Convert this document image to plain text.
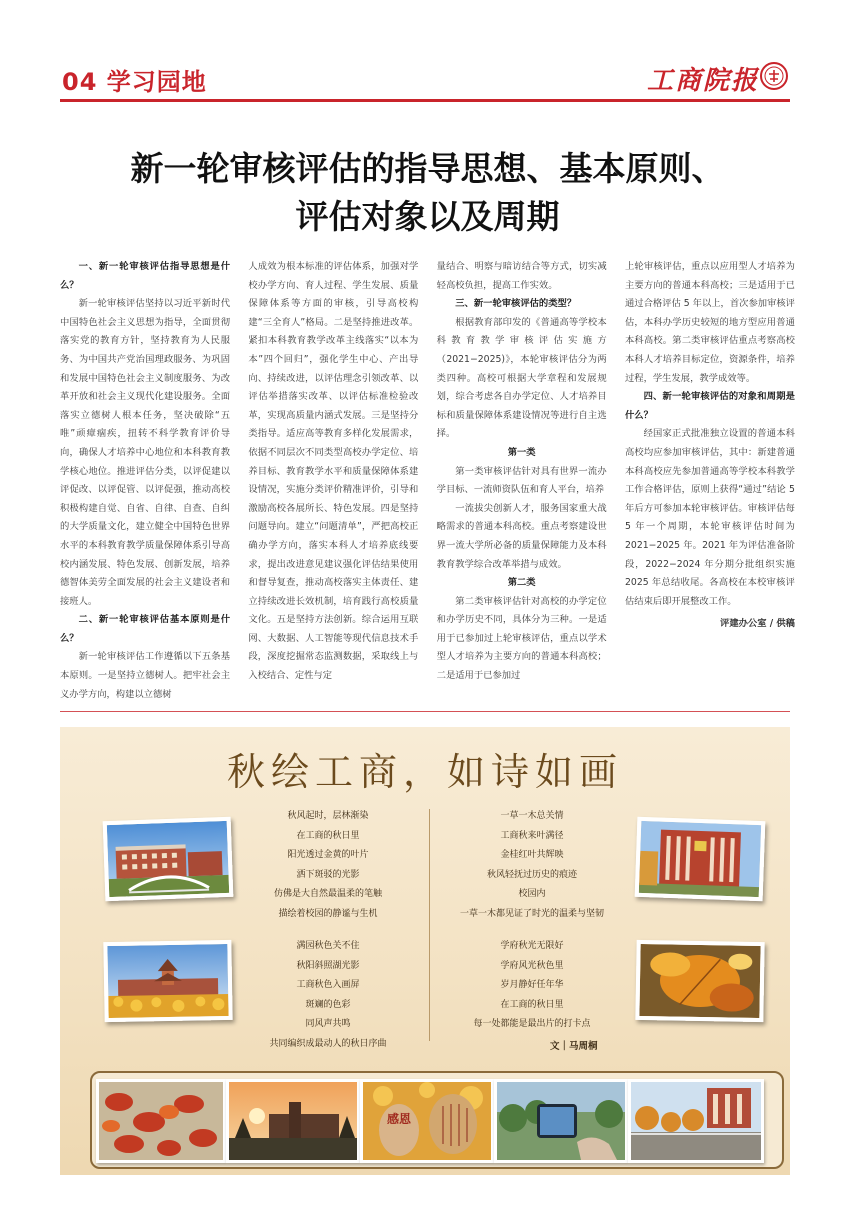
04 学习园地	工商院报
新一轮审核评估的指导思想、基本原则、
评估对象以及周期
一、新一轮审核评估指导思想是什么？

新一轮审核评估坚持以习近平新时代中国特色社会主义思想为指导，全面贯彻落实党的教育方针，坚持教育为人民服务、为中国共产党治国理政服务、为巩固和发展中国特色社会主义制度服务、为改革开放和社会主义现代化建设服务。全面落实立德树人根本任务，坚决破除“五唯”顽瘴痼疾，扭转不科学教育评价导向，确保人才培养中心地位和本科教育教学核心地位。推进评估分类，以评促建以评促改、以评促管、以评促强，推动高校积极构建自觉、自省、自律、自查、自纠的大学质量文化，建立健全中国特色世界水平的本科教育教学质量保障体系引导高校内涵发展、特色发展、创新发展，培养德智体美劳全面发展的社会主义建设者和接班人。

二、新一轮审核评估基本原则是什么？

新一轮审核评估工作遵循以下五条基本原则。一是坚持立德树人。把牢社会主义办学方向，构建以立德树

人成效为根本标准的评估体系，加强对学校办学方向、育人过程、学生发展、质量保障体系等方面的审核，引导高校构建“三全育人”格局。二是坚持推进改革。紧扣本科教育教学改革主线落实“以本为本”四个回归”，强化学生中心、产出导向、持续改进，以评估理念引领改革、以评估举措落实改革、以评估标准检验改革，实现高质量内涵式发展。三是坚持分类指导。适应高等教育多样化发展需求，依据不同层次不同类型高校办学定位、培养目标、教育教学水平和质量保障体系建设情况，实施分类评价精准评价，引导和激励高校各展所长、特色发展。四是坚持问题导向。建立“问题清单”，严把高校正确办学方向，落实本科人才培养底线要求，提出改进意见建议强化评估结果使用和督导复查，推动高校落实主体责任、建立持续改进长效机制，培育践行高校质量文化。五是坚持方法创新。综合运用互联网、大数据、人工智能等现代信息技术手段，深度挖掘常态监测数据，采取线上与入校结合、定性与定

量结合、明察与暗访结合等方式，切实减轻高校负担，提高工作实效。

三、新一轮审核评估的类型？

根据教育部印发的《普通高等学校本科教育教学审核评估实施方（2021−2025)》，本轮审核评估分为两类四种。高校可根据大学章程和发展规划，综合考虑各自办学定位、人才培养目标和质量保障体系建设情况等进行自主选择。

第一类

第一类审核评估针对具有世界一流办学目标、一流师资队伍和育人平台，培养

一流拔尖创新人才，服务国家重大战略需求的普通本科高校。重点考察建设世界一流大学所必备的质量保障能力及本科教育教学综合改革举措与成效。

第二类

第二类审核评估针对高校的办学定位和办学历史不同，具体分为三种。一是适用于已参加过上轮审核评估，重点以学术型人才培养为主要方向的普通本科高校；二是适用于已参加过

上轮审核评估，重点以应用型人才培养为主要方向的普通本科高校；三是适用于已通过合格评估 5 年以上，首次参加审核评估，本科办学历史较短的地方型应用普通本科高校。第二类审核评估重点考察高校本科人才培养目标定位，资源条件，培养过程，学生发展，教学成效等。

四、新一轮审核评估的对象和周期是什么？

经国家正式批准独立设置的普通本科高校均应参加审核评估，其中：新建普通本科高校应先参加普通高等学校本科教学工作合格评估，原则上获得“通过”结论 5 年后方可参加本轮审核评估。审核评估每 5 年一个周期，本轮审核评估时间为 2021−2025 年。2021 年为评估准备阶段，2022−2024 年分期分批组织实施 2025 年总结收尾。各高校在本校审核评估结束后即开展整改工作。

评建办公室 / 供稿

秋绘工商，如诗如画
秋风起时，层林渐染
在工商的秋日里
阳光透过金黄的叶片
洒下斑驳的光影
仿佛是大自然最温柔的笔触
描绘着校园的静谧与生机
满园秋色关不住
秋阳斜照湖光影
工商秋色入画屏
斑斓的色彩
同风声共鸣
共同编织成最动人的秋日序曲
一草一木总关情
工商秋来叶满径
金桂红叶共辉映
秋风轻抚过历史的痕迹
校园内
一草一木都见证了时光的温柔与坚韧
学府秋光无限好
学府风光秋色里
岁月静好任年华
在工商的秋日里
每一处都能是最出片的打卡点
文｜马周桐
感恩
